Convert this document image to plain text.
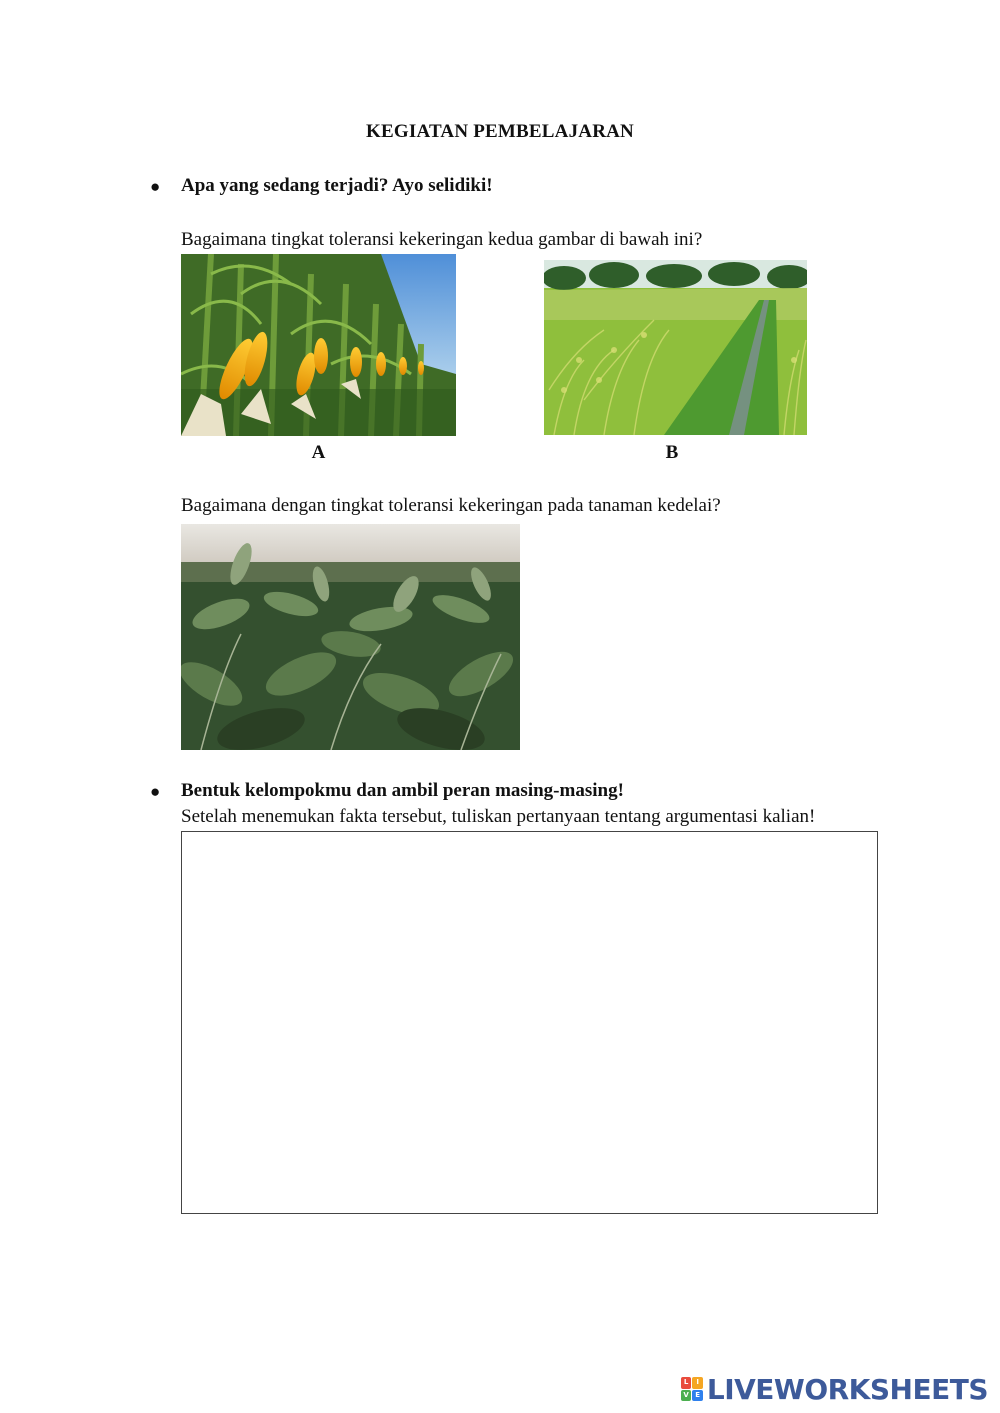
KEGIATAN PEMBELAJARAN
● Apa yang sedang terjadi? Ayo selidiki!
Bagaimana tingkat toleransi kekeringan kedua gambar di bawah ini?
A	B
Bagaimana dengan tingkat toleransi kekeringan pada tanaman kedelai?
● Bentuk kelompokmu dan ambil peran masing-masing!
Setelah menemukan fakta tersebut, tuliskan pertanyaan tentang argumentasi kalian!
L	I
V E LIVEWORKSHEETS
